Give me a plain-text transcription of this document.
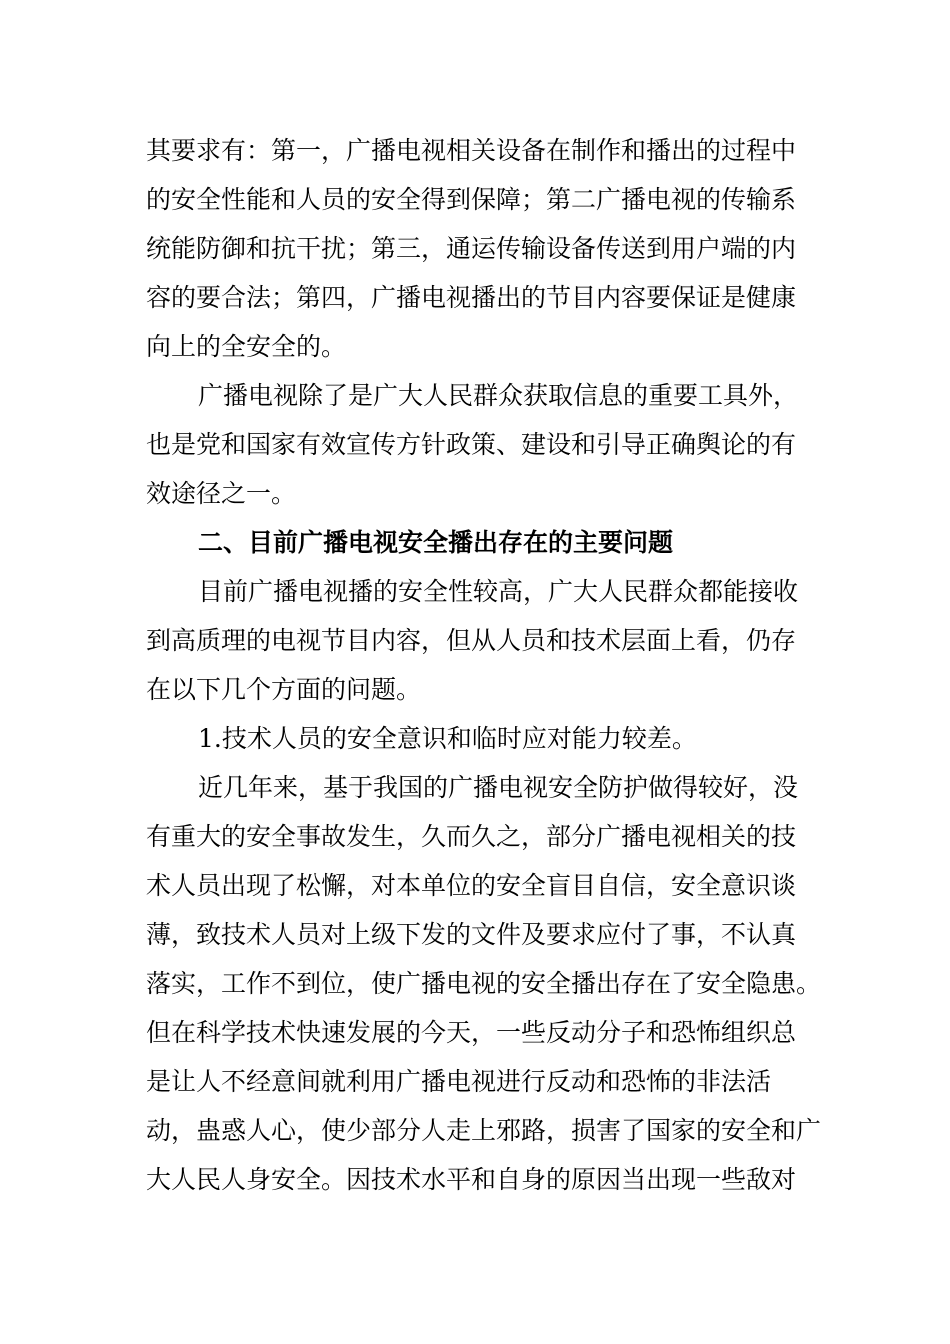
其要求有：第一，广播电视相关设备在制作和播出的过程中
的安全性能和人员的安全得到保障；第二广播电视的传输系
统能防御和抗干扰；第三，通运传输设备传送到用户端的内
容的要合法；第四，广播电视播出的节目内容要保证是健康
向上的全安全的。
广播电视除了是广大人民群众获取信息的重要工具外，
也是党和国家有效宣传方针政策、建设和引导正确舆论的有
效途径之一。
二、目前广播电视安全播出存在的主要问题
目前广播电视播的安全性较高，广大人民群众都能接收
到高质理的电视节目内容，但从人员和技术层面上看，仍存
在以下几个方面的问题。
1.技术人员的安全意识和临时应对能力较差。
近几年来，基于我国的广播电视安全防护做得较好，没
有重大的安全事故发生，久而久之，部分广播电视相关的技
术人员出现了松懈，对本单位的安全盲目自信，安全意识谈
薄，致技术人员对上级下发的文件及要求应付了事，不认真
落实，工作不到位，使广播电视的安全播出存在了安全隐患。
但在科学技术快速发展的今天，一些反动分子和恐怖组织总
是让人不经意间就利用广播电视进行反动和恐怖的非法活
动，蛊惑人心，使少部分人走上邪路，损害了国家的安全和广
大人民人身安全。因技术水平和自身的原因当出现一些敌对
